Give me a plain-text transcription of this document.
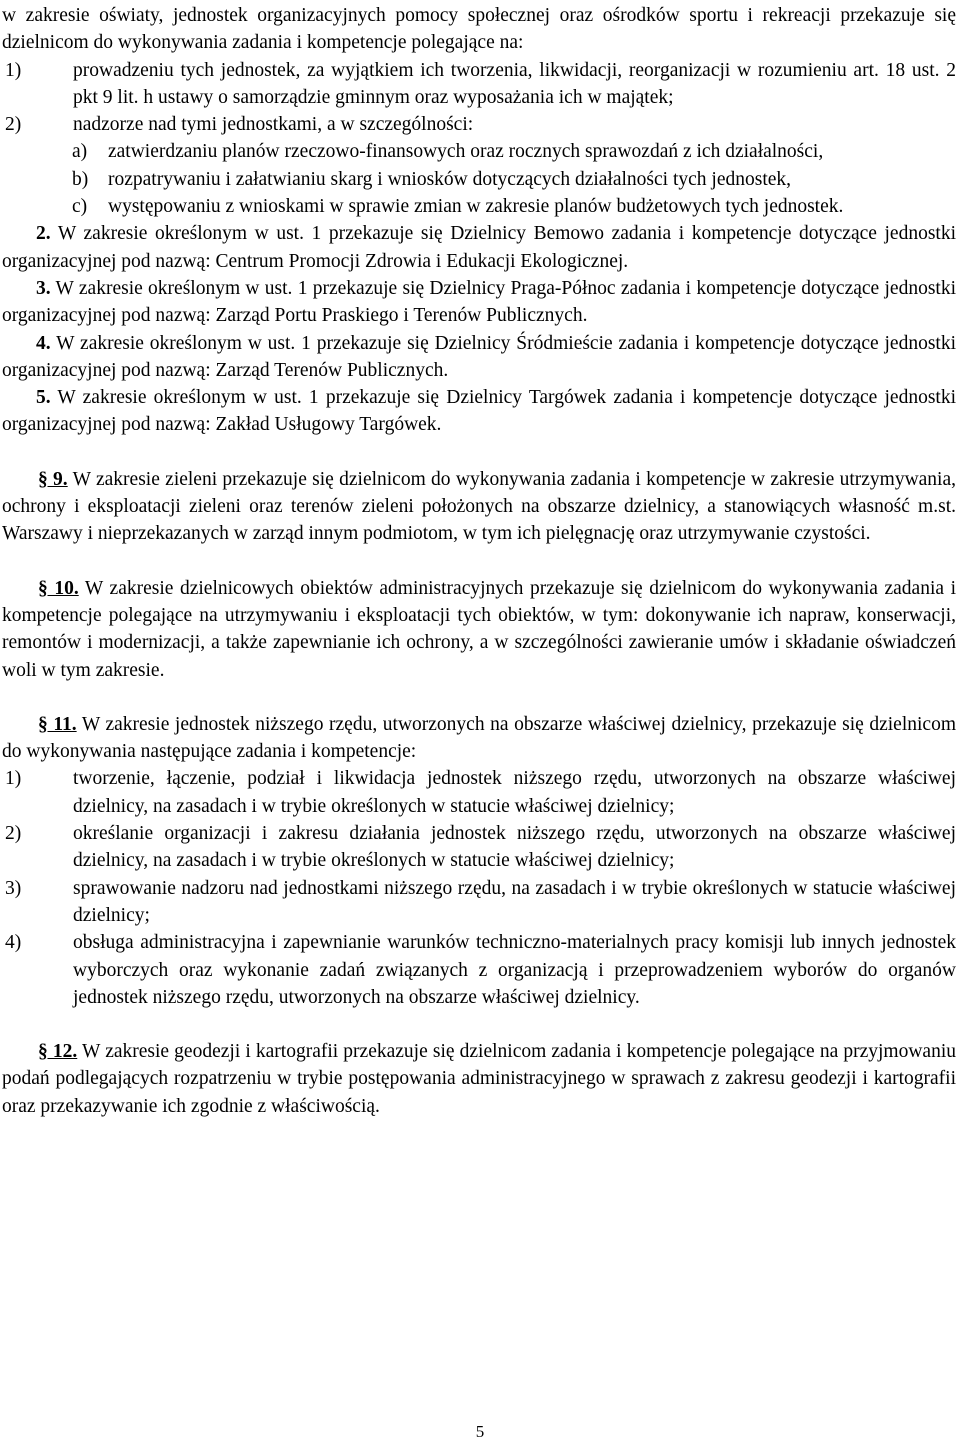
w zakresie oświaty, jednostek organizacyjnych pomocy społecznej oraz ośrodków sportu i rekreacji przekazuje się dzielnicom do wykonywania zadania i kompetencje polegające na:

1)	prowadzeniu tych jednostek, za wyjątkiem ich tworzenia, likwidacji, reorganizacji w rozumieniu art. 18 ust. 2 pkt 9 lit. h ustawy o samorządzie gminnym oraz wyposażania ich w majątek;
2)	nadzorze nad tymi jednostkami, a w szczególności:
a)	zatwierdzaniu planów rzeczowo-finansowych oraz rocznych sprawozdań z ich działalności,
b)	rozpatrywaniu i załatwianiu skarg i wniosków dotyczących działalności tych jednostek,
c)	występowaniu z wnioskami w sprawie zmian w zakresie planów budżetowych tych jednostek.

2. W zakresie określonym w ust. 1 przekazuje się Dzielnicy Bemowo zadania i kompetencje dotyczące jednostki organizacyjnej pod nazwą: Centrum Promocji Zdrowia i Edukacji Ekologicznej.

3. W zakresie określonym w ust. 1 przekazuje się Dzielnicy Praga-Północ zadania i kompetencje dotyczące jednostki organizacyjnej pod nazwą: Zarząd Portu Praskiego i Terenów Publicznych.

4. W zakresie określonym w ust. 1 przekazuje się Dzielnicy Śródmieście zadania i kompetencje dotyczące jednostki organizacyjnej pod nazwą: Zarząd Terenów Publicznych.

5. W zakresie określonym w ust. 1 przekazuje się Dzielnicy Targówek zadania i kompetencje dotyczące jednostki organizacyjnej pod nazwą: Zakład Usługowy Targówek.

§ 9. W zakresie zieleni przekazuje się dzielnicom do wykonywania zadania i kompetencje w zakresie utrzymywania, ochrony i eksploatacji zieleni oraz terenów zieleni położonych na obszarze dzielnicy, a stanowiących własność m.st. Warszawy i nieprzekazanych w zarząd innym podmiotom, w tym ich pielęgnację oraz utrzymywanie czystości.

§ 10. W zakresie dzielnicowych obiektów administracyjnych przekazuje się dzielnicom do wykonywania zadania i kompetencje polegające na utrzymywaniu i eksploatacji tych obiektów, w tym: dokonywanie ich napraw, konserwacji, remontów i modernizacji, a także zapewnianie ich ochrony, a w szczególności zawieranie umów i składanie oświadczeń woli w tym zakresie.

§ 11. W zakresie jednostek niższego rzędu, utworzonych na obszarze właściwej dzielnicy, przekazuje się dzielnicom do wykonywania następujące zadania i kompetencje:

1)	tworzenie, łączenie, podział i likwidacja jednostek niższego rzędu, utworzonych na obszarze właściwej dzielnicy, na zasadach i w trybie określonych w statucie właściwej dzielnicy;
2)	określanie organizacji i zakresu działania jednostek niższego rzędu, utworzonych na obszarze właściwej dzielnicy, na zasadach i w trybie określonych w statucie właściwej dzielnicy;
3)	sprawowanie nadzoru nad jednostkami niższego rzędu, na zasadach i w trybie określonych w statucie właściwej dzielnicy;
4)	obsługa administracyjna i zapewnianie warunków techniczno-materialnych pracy komisji lub innych jednostek wyborczych oraz wykonanie zadań związanych z organizacją i przeprowadzeniem wyborów do organów jednostek niższego rzędu, utworzonych na obszarze właściwej dzielnicy.

§ 12. W zakresie geodezji i kartografii przekazuje się dzielnicom zadania i kompetencje polegające na przyjmowaniu podań podlegających rozpatrzeniu w trybie postępowania administracyjnego w sprawach z zakresu geodezji i kartografii oraz przekazywanie ich zgodnie z właściwością.

5
